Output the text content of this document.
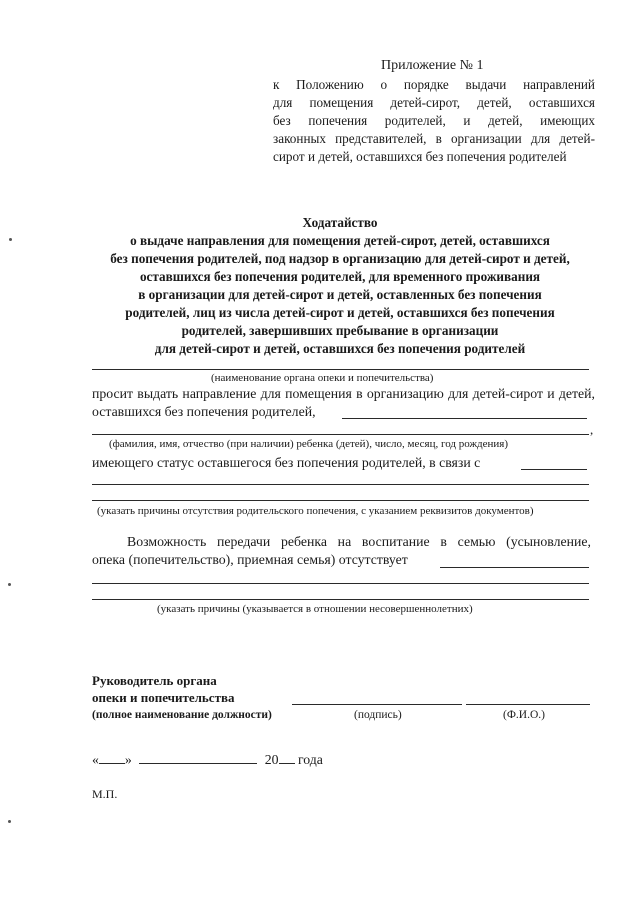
Приложение № 1
к Положению о порядке выдачи направлений
для помещения детей-сирот, детей, оставшихся
без попечения родителей, и детей, имеющих
законных представителей, в организации для детей-
сирот и детей, оставшихся без попечения родителей
Ходатайство
о выдаче направления для помещения детей-сирот, детей, оставшихся
без попечения родителей, под надзор в организацию для детей-сирот и детей,
оставшихся без попечения родителей, для временного проживания
в организации для детей-сирот и детей, оставленных без попечения
родителей, лиц из числа детей-сирот и детей, оставшихся без попечения
родителей, завершивших пребывание в организации
для детей-сирот и детей, оставшихся без попечения родителей
(наименование органа опеки и попечительства)
просит выдать направление для помещения в организацию для детей-сирот и детей,
оставшихся без попечения родителей,
,
(фамилия, имя, отчество (при наличии) ребенка (детей), число, месяц, год рождения)
имеющего статус оставшегося без попечения родителей, в связи с
(указать причины отсутствия родительского попечения, с указанием реквизитов документов)
Возможность передачи ребенка на воспитание в семью (усыновление,
опека (попечительство), приемная семья) отсутствует
(указать причины (указывается в отношении несовершеннолетних)
Руководитель органа
опеки и попечительства
(полное наименование должности)	(подпись)	(Ф.И.О.)
« »	20 года
М.П.
